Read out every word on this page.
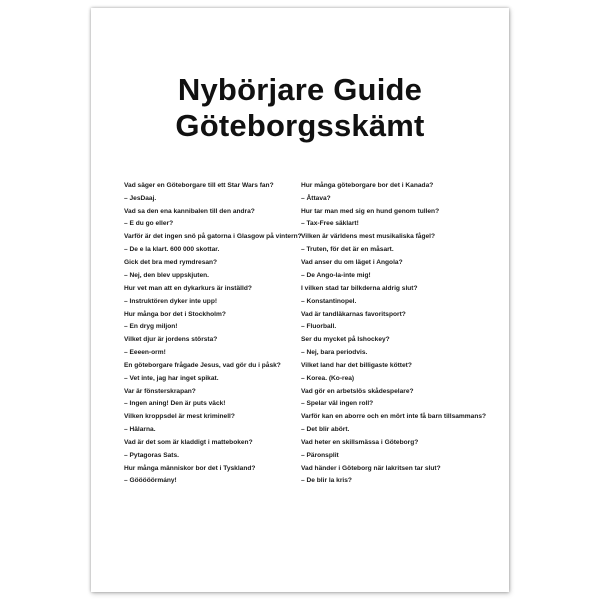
Nybörjare Guide
Göteborgsskämt
Vad säger en Göteborgare till ett Star Wars fan?
– JesDaaj.
Vad sa den ena kannibalen till den andra?
– E du go eller?
Varför är det ingen snö på gatorna i Glasgow på vintern?
– De e la klart. 600 000 skottar.
Gick det bra med rymdresan?
– Nej, den blev uppskjuten.
Hur vet man att en dykarkurs är inställd?
– Instruktören dyker inte upp!
Hur många bor det i Stockholm?
– En dryg miljon!
Vilket djur är jordens största?
– Eeeen-orm!
En göteborgare frågade Jesus, vad gör du i påsk?
– Vet inte, jag har inget spikat.
Var är fönsterskrapan?
– Ingen aning! Den är puts väck!
Vilken kroppsdel är mest kriminell?
– Hälarna.
Vad är det som är kladdigt i matteboken?
– Pytagoras Sats.
Hur många människor bor det i Tyskland?
– Gööööörmány!
Hur många göteborgare bor det i Kanada?
– Åttava?
Hur tar man med sig en hund genom tullen?
– Tax-Free säklart!
Vilken är världens mest musikaliska fågel?
– Truten, för det är en måsart.
Vad anser du om läget i Angola?
– De Ango-la-inte mig!
I vilken stad tar bilkderna aldrig slut?
– Konstantinopel.
Vad är tandläkarnas favoritsport?
– Fluorball.
Ser du mycket på Ishockey?
– Nej, bara periodvis.
Vilket land har det billigaste köttet?
– Korea. (Ko-rea)
Vad gör en arbetslös skådespelare?
– Spelar väl ingen roll?
Varför kan en aborre och en mört inte få barn tillsammans?
– Det blir abört.
Vad heter en skillsmässa i Göteborg?
– Päronsplit
Vad händer i Göteborg när lakritsen tar slut?
– De blir la kris?
